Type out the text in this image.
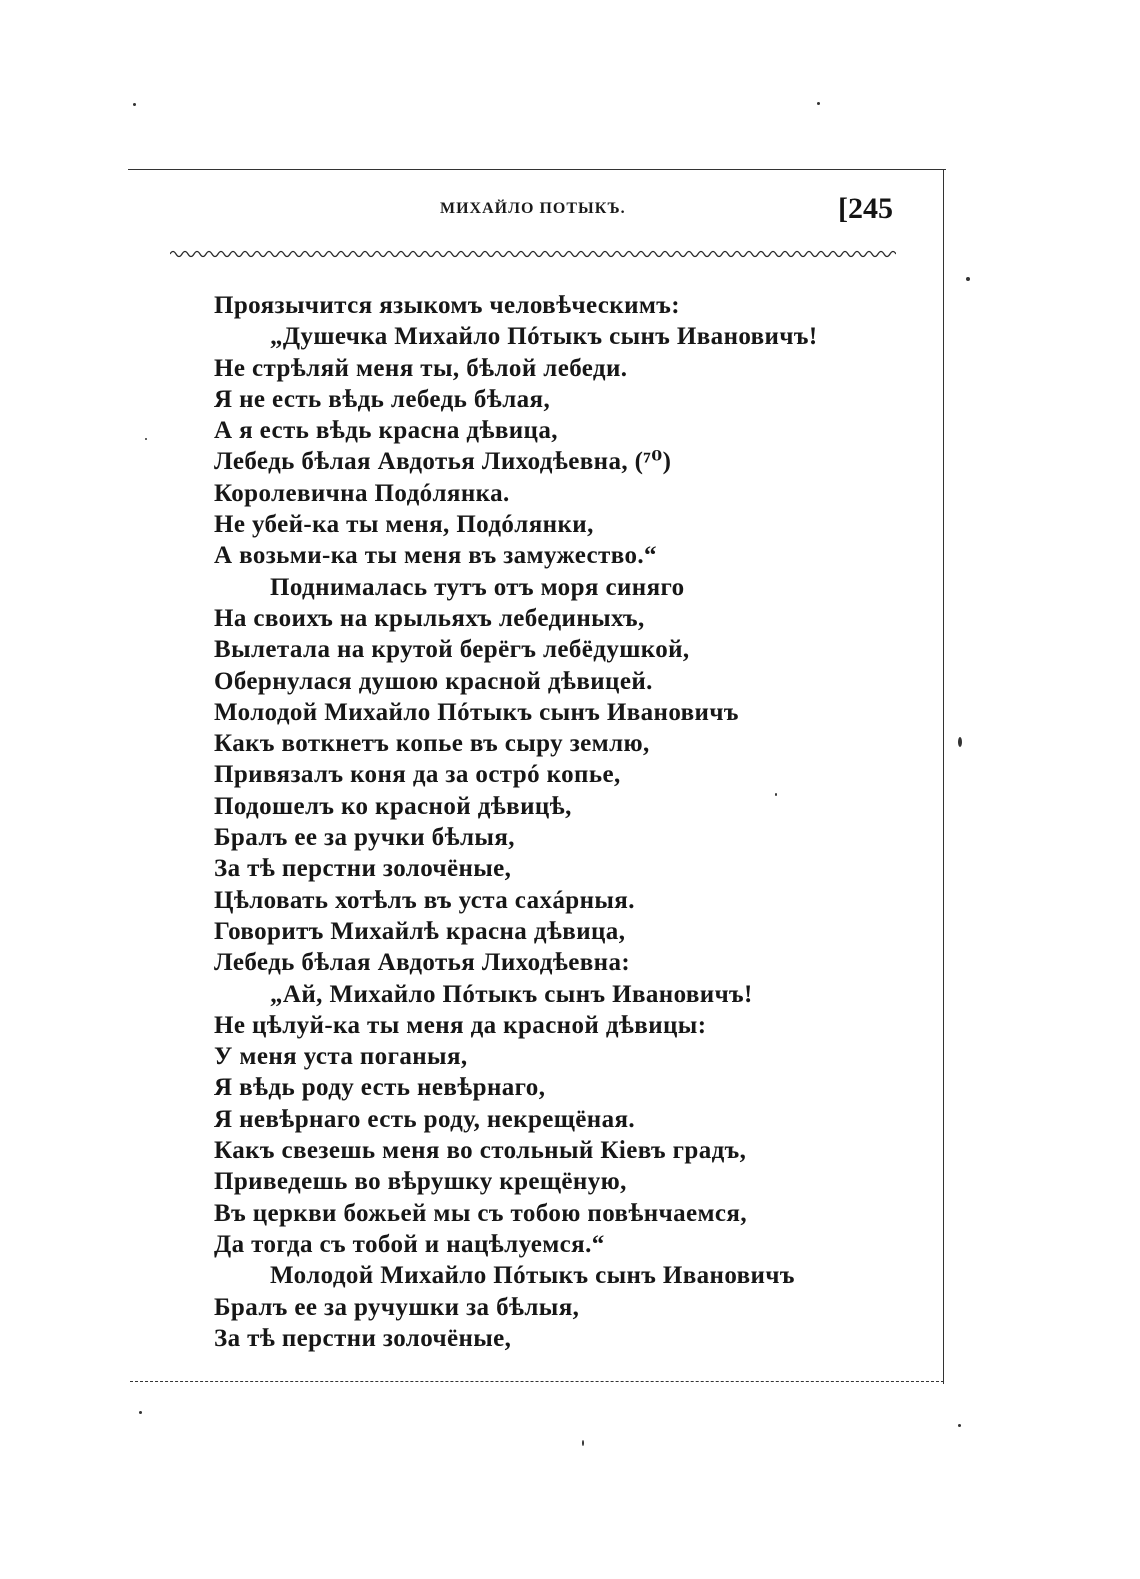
МИХАЙЛО ПОТЫКЪ.	[245
Проязычится языкомъ человѣческимъ:
„Душечка Михайло Пóтыкъ сынъ Ивановичъ!
Не стрѣляй меня ты, бѣлой лебеди.
Я не есть вѣдь лебедь бѣлая,
А я есть вѣдь красна дѣвица,
Лебедь бѣлая Авдотья Лиходѣевна, (⁷⁰)
Королевична Подóлянка.
Не убей-ка ты меня, Подóлянки,
А возьми-ка ты меня въ замужество.“
Поднималась тутъ отъ моря синяго
На своихъ на крыльяхъ лебединыхъ,
Вылетала на крутой берёгъ лебёдушкой,
Обернулася душою красной дѣвицей.
Молодой Михайло Пóтыкъ сынъ Ивановичъ
Какъ воткнетъ копье въ сыру землю,
Привязалъ коня да за острó копье,
Подошелъ ко красной дѣвицѣ,
Бралъ ее за ручки бѣлыя,
За тѣ перстни золочёные,
Цѣловать хотѣлъ въ уста сахáрныя.
Говоритъ Михайлѣ красна дѣвица,
Лебедь бѣлая Авдотья Лиходѣевна:
„Ай, Михайло Пóтыкъ сынъ Ивановичъ!
Не цѣлуй-ка ты меня да красной дѣвицы:
У меня уста поганыя,
Я вѣдь роду есть невѣрнаго,
Я невѣрнаго есть роду, некрещёная.
Какъ свезешь меня во стольный Кіевъ градъ,
Приведешь во вѣрушку крещёную,
Въ церкви божьей мы съ тобою повѣнчаемся,
Да тогда съ тобой и нацѣлуемся.“
Молодой Михайло Пóтыкъ сынъ Ивановичъ
Бралъ ее за ручушки за бѣлыя,
За тѣ перстни золочёные,
